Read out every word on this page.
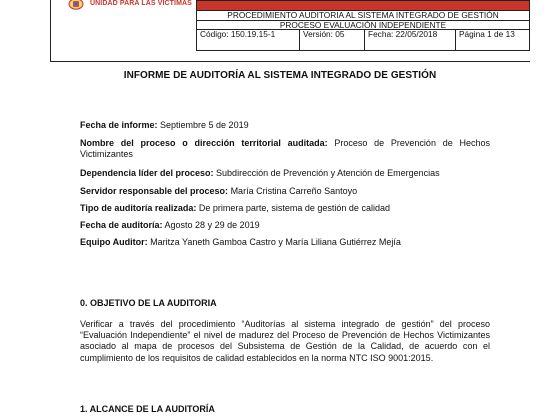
UNIDAD PARA LAS VÍCTIMAS

PROCEDIMIENTO AUDITORIA AL SISTEMA INTEGRADO DE GESTIÓN
PROCESO EVALUACIÓN INDEPENDIENTE
Código: 150.19.15-1	Versión: 05	Fecha: 22/05/2018	Página 1 de 13
INFORME DE AUDITORÍA AL SISTEMA INTEGRADO DE GESTIÓN
Fecha de informe: Septiembre 5 de 2019
Nombre del proceso o dirección territorial auditada: Proceso de Prevención de Hechos Victimizantes
Dependencia líder del proceso: Subdirección de Prevención y Atención de Emergencias
Servidor responsable del proceso: María Cristina Carreño Santoyo
Tipo de auditoría realizada: De primera parte, sistema de gestión de calidad
Fecha de auditoría: Agosto 28 y 29 de 2019
Equipo Auditor: Maritza Yaneth Gamboa Castro y María Liliana Gutiérrez Mejía
0. OBJETIVO DE LA AUDITORIA
Verificar a través del procedimiento “Auditorías al sistema integrado de gestión” del proceso “Evaluación Independiente” el nivel de madurez del Proceso de Prevención de Hechos Victimizantes asociado al mapa de procesos del Subsistema de Gestión de la Calidad, de acuerdo con el cumplimiento de los requisitos de calidad establecidos en la norma NTC ISO 9001:2015.
1. ALCANCE DE LA AUDITORÍA
